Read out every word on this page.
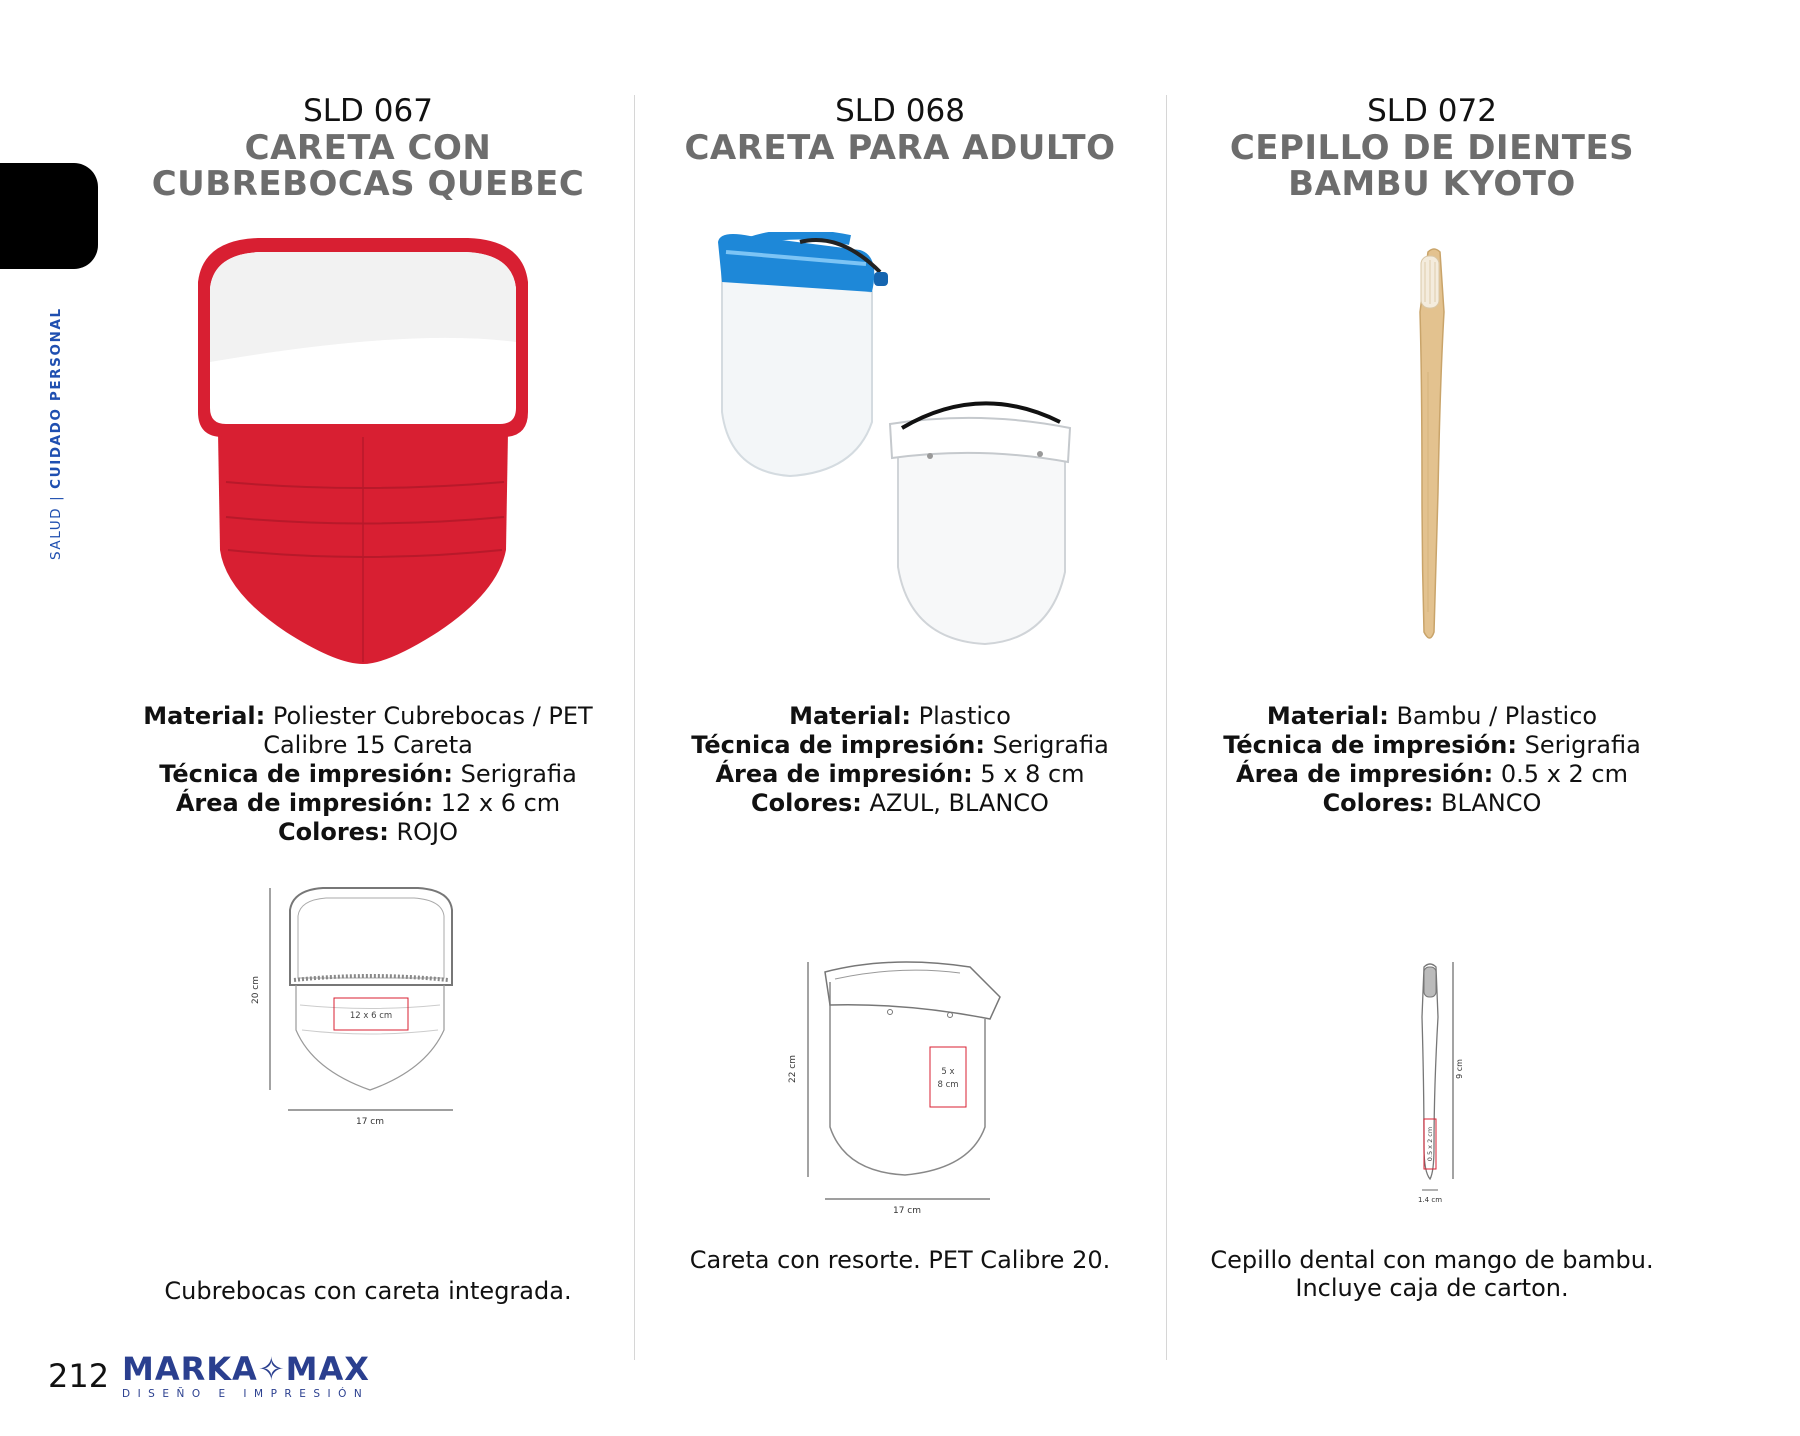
SALUD | CUIDADO PERSONAL
SLD 067
CARETA CON CUBREBOCAS QUEBEC
Material: Poliester Cubrebocas / PET Calibre 15 Careta
Técnica de impresión: Serigrafia
Área de impresión: 12 x 6 cm
Colores: ROJO
20 cm
17 cm
12 x 6 cm
Cubrebocas con careta integrada.
SLD 068
CARETA PARA ADULTO
Material: Plastico
Técnica de impresión: Serigrafia
Área de impresión: 5 x 8 cm
Colores: AZUL, BLANCO
22 cm
17 cm
5 x
8 cm
Careta con resorte. PET Calibre 20.
SLD 072
CEPILLO DE DIENTES BAMBU KYOTO
Material: Bambu / Plastico
Técnica de impresión: Serigrafia
Área de impresión: 0.5 x 2 cm
Colores: BLANCO
9 cm
0.5 x 2 cm
1.4 cm
Cepillo dental con mango de bambu.
Incluye caja de carton.
212 MARKA✧MAX
DISEÑO E IMPRESIÓN
